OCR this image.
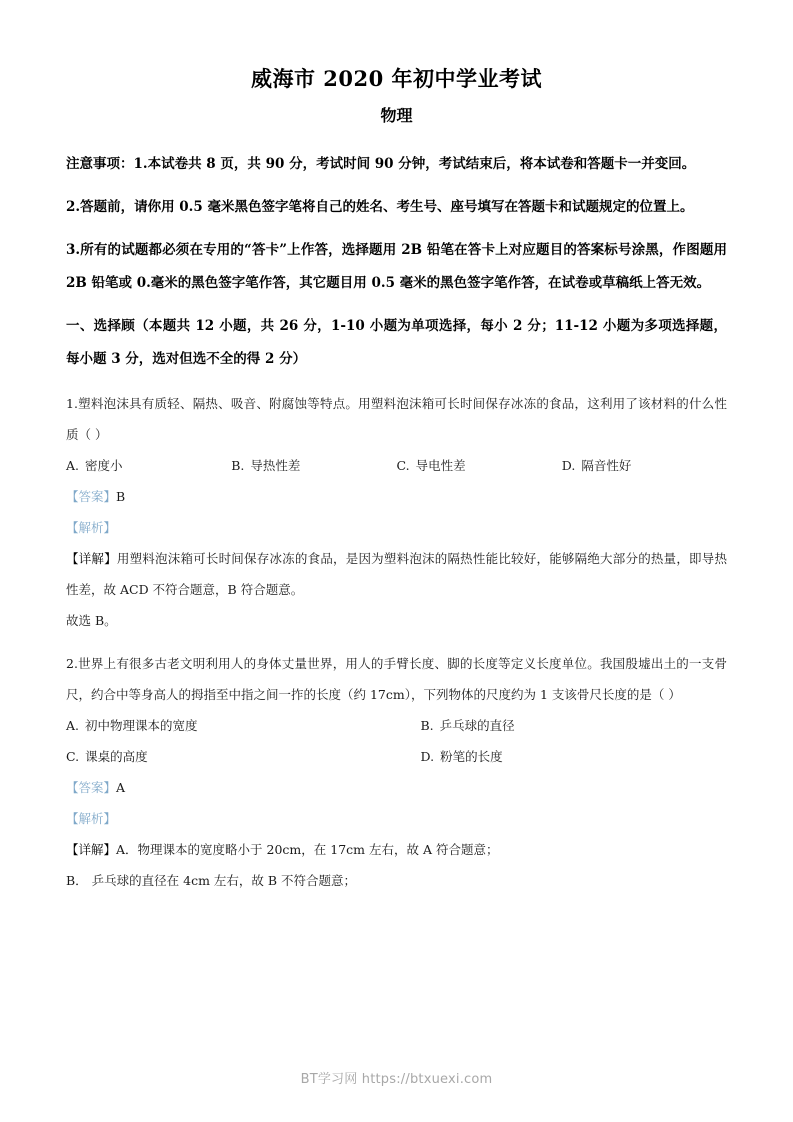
威海市 2020 年初中学业考试
物理

注意事项：1.本试卷共 8 页，共 90 分，考试时间 90 分钟，考试结束后，将本试卷和答题卡一并变回。

2.答题前，请你用 0.5 毫米黑色签字笔将自己的姓名、考生号、座号填写在答题卡和试题规定的位置上。

3.所有的试题都必须在专用的“答卡”上作答，选择题用 2B 铅笔在答卡上对应题目的答案标号涂黑，作图题用 2B 铅笔或 0.毫米的黑色签字笔作答，其它题目用 0.5 毫米的黑色签字笔作答，在试卷或草稿纸上答无效。

一、选择顾（本题共 12 小题，共 26 分，1-10 小题为单项选择，每小 2 分；11-12 小题为多项选择题，每小题 3 分，选对但选不全的得 2 分）

1.塑料泡沫具有质轻、隔热、吸音、附腐蚀等特点。用塑料泡沫箱可长时间保存冰冻的食品，这利用了该材料的什么性质（ ）

A. 密度小	B. 导热性差	C. 导电性差	D. 隔音性好

【答案】B

【解析】

【详解】用塑料泡沫箱可长时间保存冰冻的食品，是因为塑料泡沫的隔热性能比较好，能够隔绝大部分的热量，即导热性差，故 ACD 不符合题意，B 符合题意。

故选 B。

2.世界上有很多古老文明利用人的身体丈量世界，用人的手臂长度、脚的长度等定义长度单位。我国殷墟出土的一支骨尺，约合中等身高人的拇指至中指之间一拃的长度（约 17cm），下列物体的尺度约为 1 支该骨尺长度的是（ ）

A. 初中物理课本的宽度	B. 乒乓球的直径
C. 课桌的高度	D. 粉笔的长度

【答案】A

【解析】

【详解】A．物理课本的宽度略小于 20cm，在 17cm 左右，故 A 符合题意；

B． 乒乓球的直径在 4cm 左右，故 B 不符合题意；

BT学习网 https://btxuexi.com
